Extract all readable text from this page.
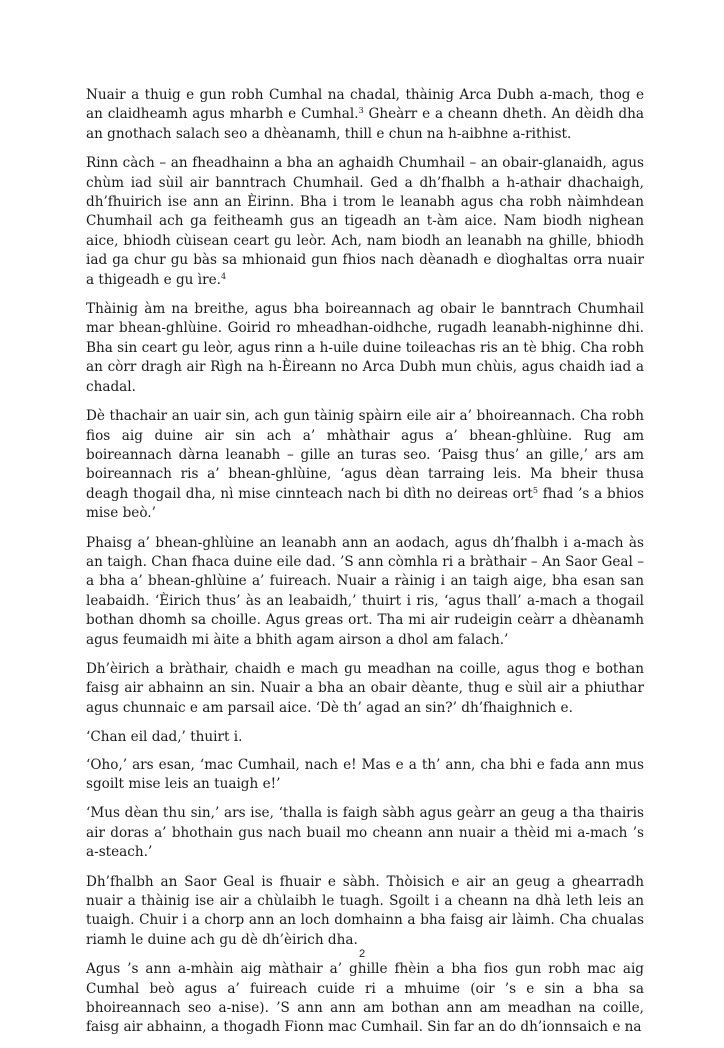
Nuair a thuig e gun robh Cumhal na chadal, thàinig Arca Dubh a-mach, thog e an claidheamh agus mharbh e Cumhal.$^3$ Gheàrr e a cheann dheth. An dèidh dha an gnothach salach seo a dhèanamh, thill e chun na h-aibhne a-rithist.

Rinn càch – an fheadhainn a bha an aghaidh Chumhail – an obair-glanaidh, agus chùm iad sùil air banntrach Chumhail. Ged a dh’fhalbh a h-athair dhachaigh, dh’fhuirich ise ann an Èirinn. Bha i trom le leanabh agus cha robh nàimhdean Chumhail ach ga feitheamh gus an tigeadh an t-àm aice. Nam biodh nighean aice, bhiodh cùisean ceart gu leòr. Ach, nam biodh an leanabh na ghille, bhiodh iad ga chur gu bàs sa mhionaid gun fhios nach dèanadh e dìoghaltas orra nuair a thigeadh e gu ìre.$^4$

Thàinig àm na breithe, agus bha boireannach ag obair le banntrach Chumhail mar bhean-ghlùine. Goirid ro mheadhan-oidhche, rugadh leanabh-nighinne dhi. Bha sin ceart gu leòr, agus rinn a h-uile duine toileachas ris an tè bhig. Cha robh an còrr dragh air Rìgh na h-Èireann no Arca Dubh mun chùis, agus chaidh iad a chadal.

Dè thachair an uair sin, ach gun tàinig spàirn eile air a’ bhoireannach. Cha robh fios aig duine air sin ach a’ mhàthair agus a’ bhean-ghlùine. Rug am boireannach dàrna leanabh – gille an turas seo. ‘Paisg thus’ an gille,’ ars am boireannach ris a’ bhean-ghlùine, ‘agus dèan tarraing leis. Ma bheir thusa deagh thogail dha, nì mise cinnteach nach bi dìth no deireas ort$^5$ fhad ’s a bhios mise beò.’

Phaisg a’ bhean-ghlùine an leanabh ann an aodach, agus dh’fhalbh i a-mach às an taigh. Chan fhaca duine eile dad. ’S ann còmhla ri a bràthair – An Saor Geal – a bha a’ bhean-ghlùine a’ fuireach. Nuair a ràinig i an taigh aige, bha esan san leabaidh. ‘Èirich thus’ às an leabaidh,’ thuirt i ris, ‘agus thall’ a-mach a thogail bothan dhomh sa choille. Agus greas ort. Tha mi air rudeigin ceàrr a dhèanamh agus feumaidh mi àite a bhith agam airson a dhol am falach.’

Dh’èirich a bràthair, chaidh e mach gu meadhan na coille, agus thog e bothan faisg air abhainn an sin. Nuair a bha an obair dèante, thug e sùil air a phiuthar agus chunnaic e am parsail aice. ‘Dè th’ agad an sin?’ dh’fhaighnich e.

‘Chan eil dad,’ thuirt i.

‘Oho,’ ars esan, ‘mac Cumhail, nach e! Mas e a th’ ann, cha bhi e fada ann mus sgoilt mise leis an tuaigh e!’

‘Mus dèan thu sin,’ ars ise, ‘thalla is faigh sàbh agus geàrr an geug a tha thairis air doras a’ bhothain gus nach buail mo cheann ann nuair a thèid mi a-mach ’s a-steach.’

Dh’fhalbh an Saor Geal is fhuair e sàbh. Thòisich e air an geug a ghearradh nuair a thàinig ise air a chùlaibh le tuagh. Sgoilt i a cheann na dhà leth leis an tuaigh. Chuir i a chorp ann an loch domhainn a bha faisg air làimh. Cha chualas riamh le duine ach gu dè dh’èirich dha.

Agus ’s ann a-mhàin aig màthair a’ ghille fhèin a bha fios gun robh mac aig Cumhal beò agus a’ fuireach cuide ri a mhuime (oir ’s e sin a bha sa bhoireannach seo a-nise). ’S ann ann am bothan ann am meadhan na coille, faisg air abhainn, a thogadh Fionn mac Cumhail. Sin far an do dh’ionnsaich e na

2
